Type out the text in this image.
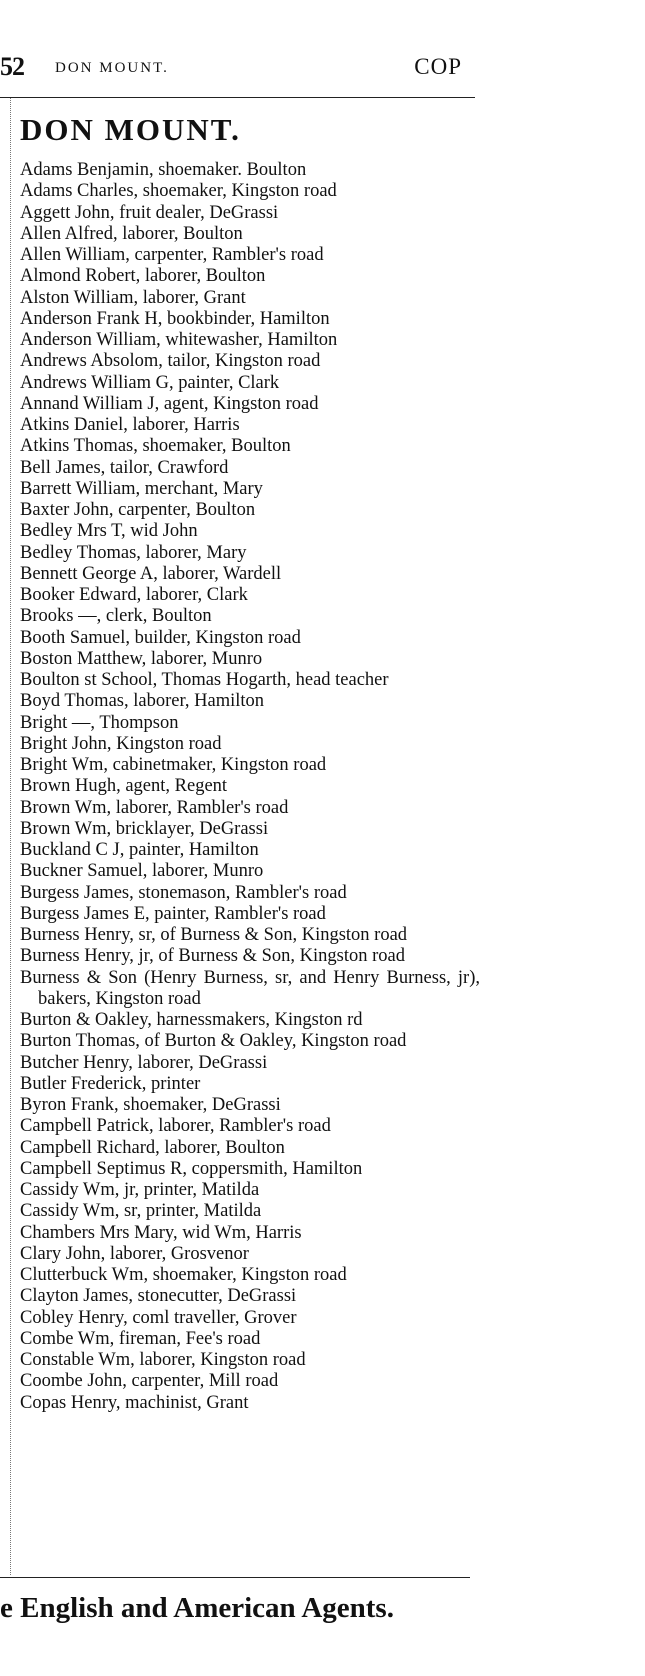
52 DON MOUNT.	COP
DON MOUNT.
Adams Benjamin, shoemaker. Boulton
Adams Charles, shoemaker, Kingston road
Aggett John, fruit dealer, DeGrassi
Allen Alfred, laborer, Boulton
Allen William, carpenter, Rambler's road
Almond Robert, laborer, Boulton
Alston William, laborer, Grant
Anderson Frank H, bookbinder, Hamilton
Anderson William, whitewasher, Hamilton
Andrews Absolom, tailor, Kingston road
Andrews William G, painter, Clark
Annand William J, agent, Kingston road
Atkins Daniel, laborer, Harris
Atkins Thomas, shoemaker, Boulton
Bell James, tailor, Crawford
Barrett William, merchant, Mary
Baxter John, carpenter, Boulton
Bedley Mrs T, wid John
Bedley Thomas, laborer, Mary
Bennett George A, laborer, Wardell
Booker Edward, laborer, Clark
Brooks —, clerk, Boulton
Booth Samuel, builder, Kingston road
Boston Matthew, laborer, Munro
Boulton st School, Thomas Hogarth, head teacher
Boyd Thomas, laborer, Hamilton
Bright —, Thompson
Bright John, Kingston road
Bright Wm, cabinetmaker, Kingston road
Brown Hugh, agent, Regent
Brown Wm, laborer, Rambler's road
Brown Wm, bricklayer, DeGrassi
Buckland C J, painter, Hamilton
Buckner Samuel, laborer, Munro
Burgess James, stonemason, Rambler's road
Burgess James E, painter, Rambler's road
Burness Henry, sr, of Burness & Son, Kingston road
Burness Henry, jr, of Burness & Son, Kingston road
Burness & Son (Henry Burness, sr, and Henry Burness, jr), bakers, Kingston road
Burton & Oakley, harnessmakers, Kingston rd
Burton Thomas, of Burton & Oakley, Kingston road
Butcher Henry, laborer, DeGrassi
Butler Frederick, printer
Byron Frank, shoemaker, DeGrassi
Campbell Patrick, laborer, Rambler's road
Campbell Richard, laborer, Boulton
Campbell Septimus R, coppersmith, Hamilton
Cassidy Wm, jr, printer, Matilda
Cassidy Wm, sr, printer, Matilda
Chambers Mrs Mary, wid Wm, Harris
Clary John, laborer, Grosvenor
Clutterbuck Wm, shoemaker, Kingston road
Clayton James, stonecutter, DeGrassi
Cobley Henry, coml traveller, Grover
Combe Wm, fireman, Fee's road
Constable Wm, laborer, Kingston road
Coombe John, carpenter, Mill road
Copas Henry, machinist, Grant
e English and American Agents.
